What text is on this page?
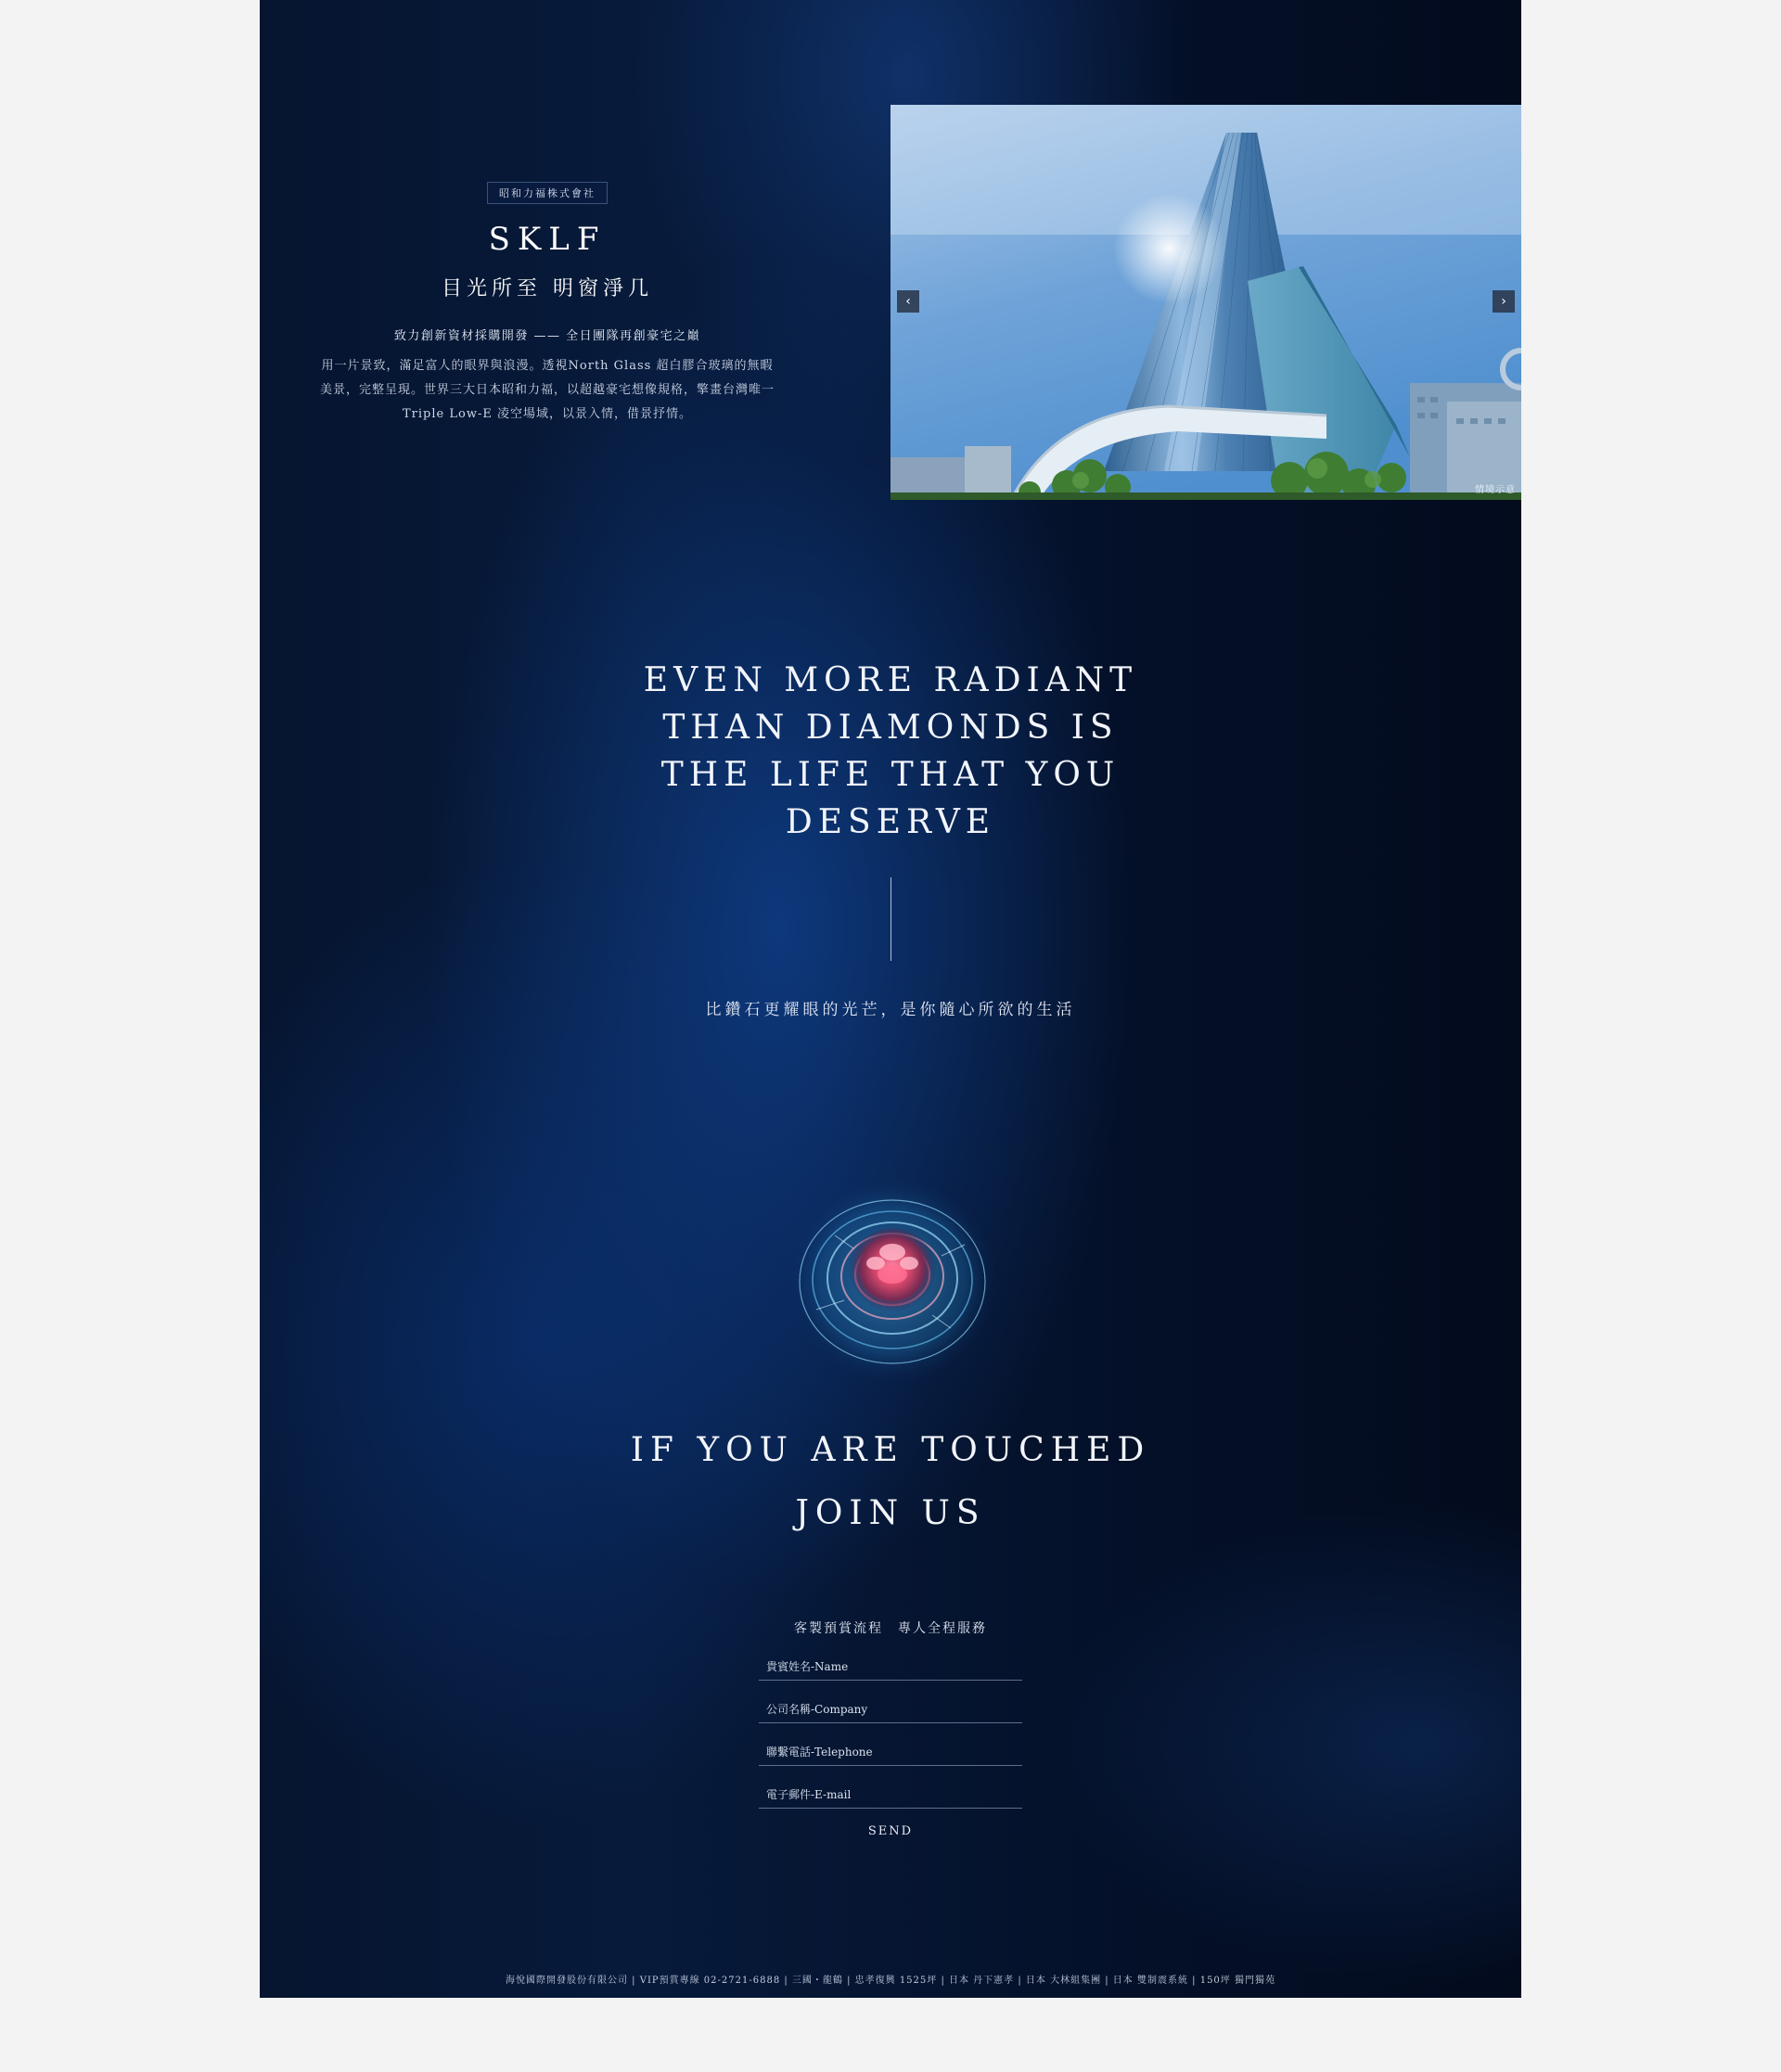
昭和力福株式會社
SKLF
目光所至 明窗淨几
致力創新資材採購開發 —— 全日團隊再創豪宅之巔
用一片景致，滿足富人的眼界與浪漫。透視North Glass 超白膠合玻璃的無暇美景，完整呈現。世界三大日本昭和力福，以超越豪宅想像規格，擎畫台灣唯一Triple Low-E 凌空場域，以景入情，借景抒情。
‹	›
情境示意
EVEN MORE RADIANT THAN DIAMONDS IS THE LIFE THAT YOU DESERVE
比鑽石更耀眼的光芒，是你隨心所欲的生活
IF YOU ARE TOUCHED
JOIN US
客製預賞流程　專人全程服務
貴賓姓名-Name
公司名稱-Company
聯繫電話-Telephone
電子郵件-E-mail
SEND
海悅國際開發股份有限公司 | VIP預賞專線 02-2721-6888 | 三國・龍鶴 | 忠孝復興 1525坪 | 日本 丹下憲孝 | 日本 大林組集團 | 日本 雙制震系統 | 150坪 獨門獨苑
